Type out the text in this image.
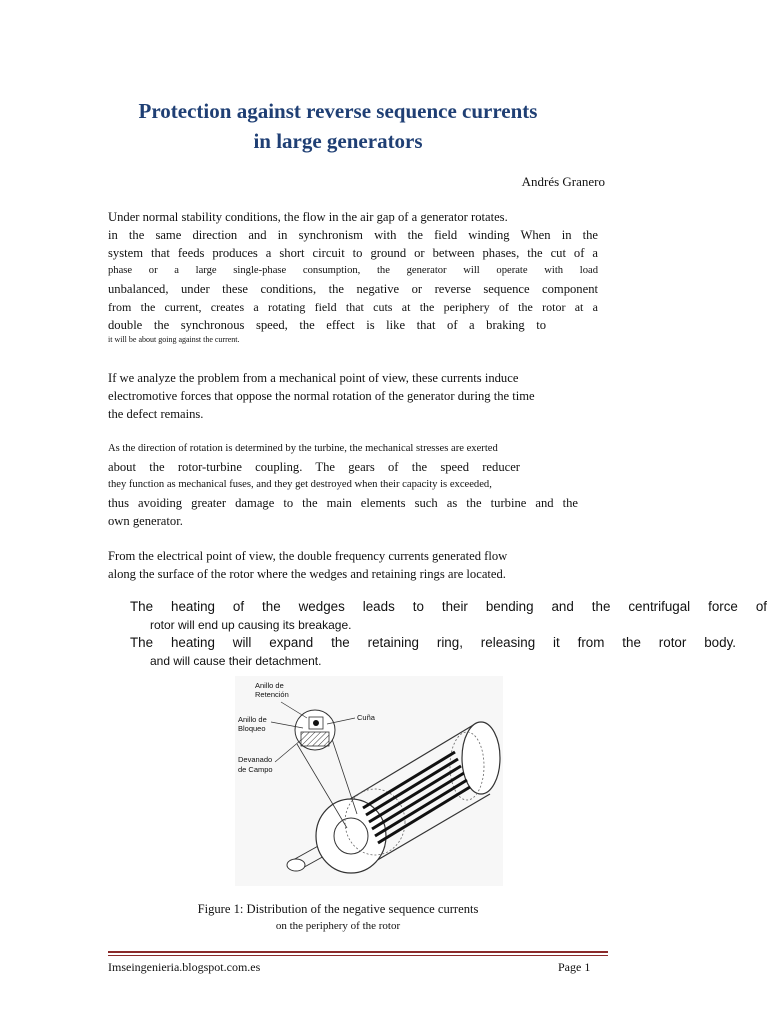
Protection against reverse sequence currents
in large generators
Andrés Granero
Under normal stability conditions, the flow in the air gap of a generator rotates.
in the same direction and in synchronism with the field winding When in the
system that feeds produces a short circuit to ground or between phases, the cut of a
phase or a large single-phase consumption, the generator will operate with load
unbalanced, under these conditions, the negative or reverse sequence component
from the current, creates a rotating field that cuts at the periphery of the rotor at a
double the synchronous speed, the effect is like that of a braking to
it will be about going against the current.
If we analyze the problem from a mechanical point of view, these currents induce
electromotive forces that oppose the normal rotation of the generator during the time
the defect remains.
As the direction of rotation is determined by the turbine, the mechanical stresses are exerted
about the rotor-turbine coupling. The gears of the speed reducer
they function as mechanical fuses, and they get destroyed when their capacity is exceeded,
thus avoiding greater damage to the main elements such as the turbine and the
own generator.
From the electrical point of view, the double frequency currents generated flow
along the surface of the rotor where the wedges and retaining rings are located.
The heating of the wedges leads to their bending and the centrifugal force of
rotor will end up causing its breakage.
The heating will expand the retaining ring, releasing it from the rotor body.
and will cause their detachment.
Anillo de
Retención
Anillo de
Bloqueo
Cuña
Devanado
de Campo
Figure 1: Distribution of the negative sequence currents
on the periphery of the rotor
Imseingenieria.blogspot.com.es	Page 1
